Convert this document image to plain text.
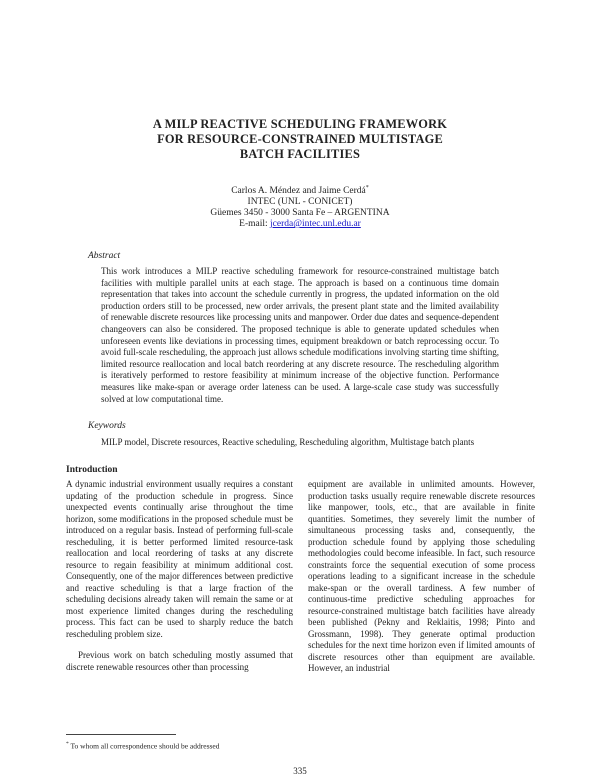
A MILP REACTIVE SCHEDULING FRAMEWORK
FOR RESOURCE-CONSTRAINED MULTISTAGE
BATCH FACILITIES
Carlos A. Méndez and Jaime Cerdá*
INTEC (UNL - CONICET)
Güemes 3450 - 3000 Santa Fe – ARGENTINA
E-mail: jcerda@intec.unl.edu.ar
Abstract
This work introduces a MILP reactive scheduling framework for resource-constrained multistage batch facilities with multiple parallel units at each stage. The approach is based on a continuous time domain representation that takes into account the schedule currently in progress, the updated information on the old production orders still to be processed, new order arrivals, the present plant state and the limited availability of renewable discrete resources like processing units and manpower. Order due dates and sequence-dependent changeovers can also be considered. The proposed technique is able to generate updated schedules when unforeseen events like deviations in processing times, equipment breakdown or batch reprocessing occur. To avoid full-scale rescheduling, the approach just allows schedule modifications involving starting time shifting, limited resource reallocation and local batch reordering at any discrete resource. The rescheduling algorithm is iteratively performed to restore feasibility at minimum increase of the objective function. Performance measures like make-span or average order lateness can be used. A large-scale case study was successfully solved at low computational time.
Keywords
MILP model, Discrete resources, Reactive scheduling, Rescheduling algorithm, Multistage batch plants
Introduction

A dynamic industrial environment usually requires a constant updating of the production schedule in progress. Since unexpected events continually arise throughout the time horizon, some modifications in the proposed schedule must be introduced on a regular basis. Instead of performing full-scale rescheduling, it is better performed limited resource-task reallocation and local reordering of tasks at any discrete resource to regain feasibility at minimum additional cost. Consequently, one of the major differences between predictive and reactive scheduling is that a large fraction of the scheduling decisions already taken will remain the same or at most experience limited changes during the rescheduling process. This fact can be used to sharply reduce the batch rescheduling problem size.

Previous work on batch scheduling mostly assumed that discrete renewable resources other than processing

equipment are available in unlimited amounts. However, production tasks usually require renewable discrete resources like manpower, tools, etc., that are available in finite quantities. Sometimes, they severely limit the number of simultaneous processing tasks and, consequently, the production schedule found by applying those scheduling methodologies could become infeasible. In fact, such resource constraints force the sequential execution of some process operations leading to a significant increase in the schedule make-span or the overall tardiness. A few number of continuous-time predictive scheduling approaches for resource-constrained multistage batch facilities have already been published (Pekny and Reklaitis, 1998; Pinto and Grossmann, 1998). They generate optimal production schedules for the next time horizon even if limited amounts of discrete resources other than equipment are available. However, an industrial

* To whom all correspondence should be addressed
335
